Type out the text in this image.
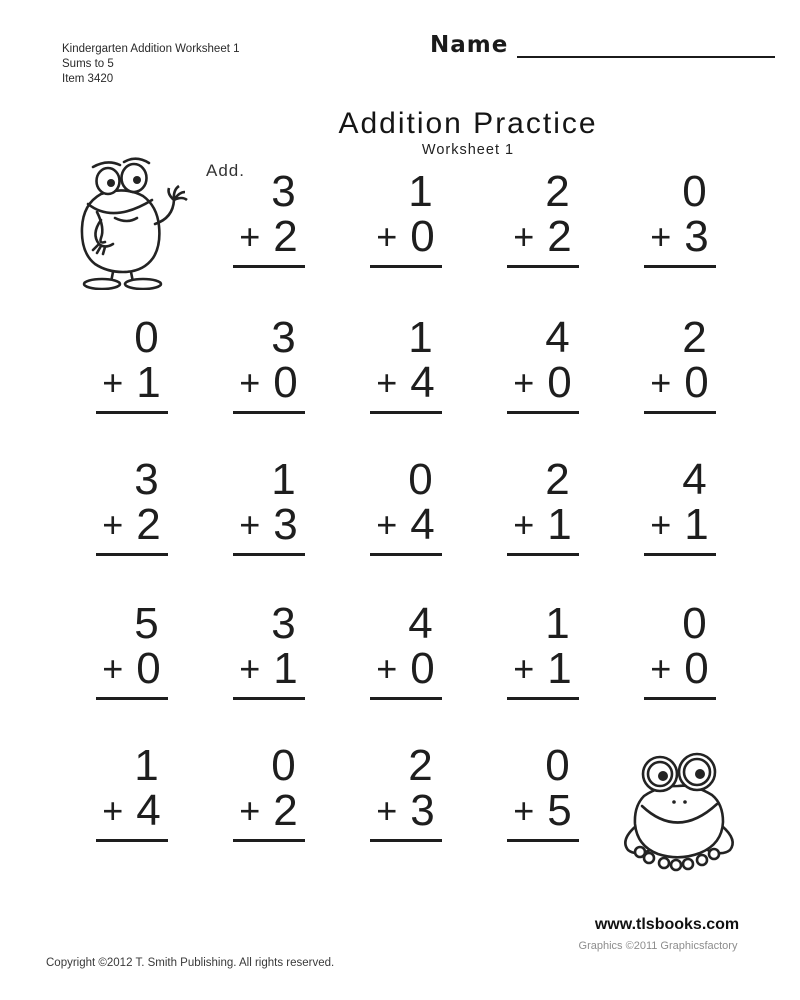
Kindergarten Addition Worksheet 1
Sums to 5
Item 3420
Name
Addition Practice
Worksheet 1
Add. 3
+ 2
1
+ 0
2
+ 2
0
+ 3
0
+ 1
3
+ 0
1
+ 4
4
+ 0
2
+ 0
3
+ 2
1
+ 3
0
+ 4
2
+ 1
4
+ 1
5
+ 0
3
+ 1
4
+ 0
1
+ 1
0
+ 0
1
+ 4
0
+ 2
2
+ 3
0
+ 5
www.tlsbooks.com
Graphics ©2011 Graphicsfactory
Copyright ©2012 T. Smith Publishing. All rights reserved.
